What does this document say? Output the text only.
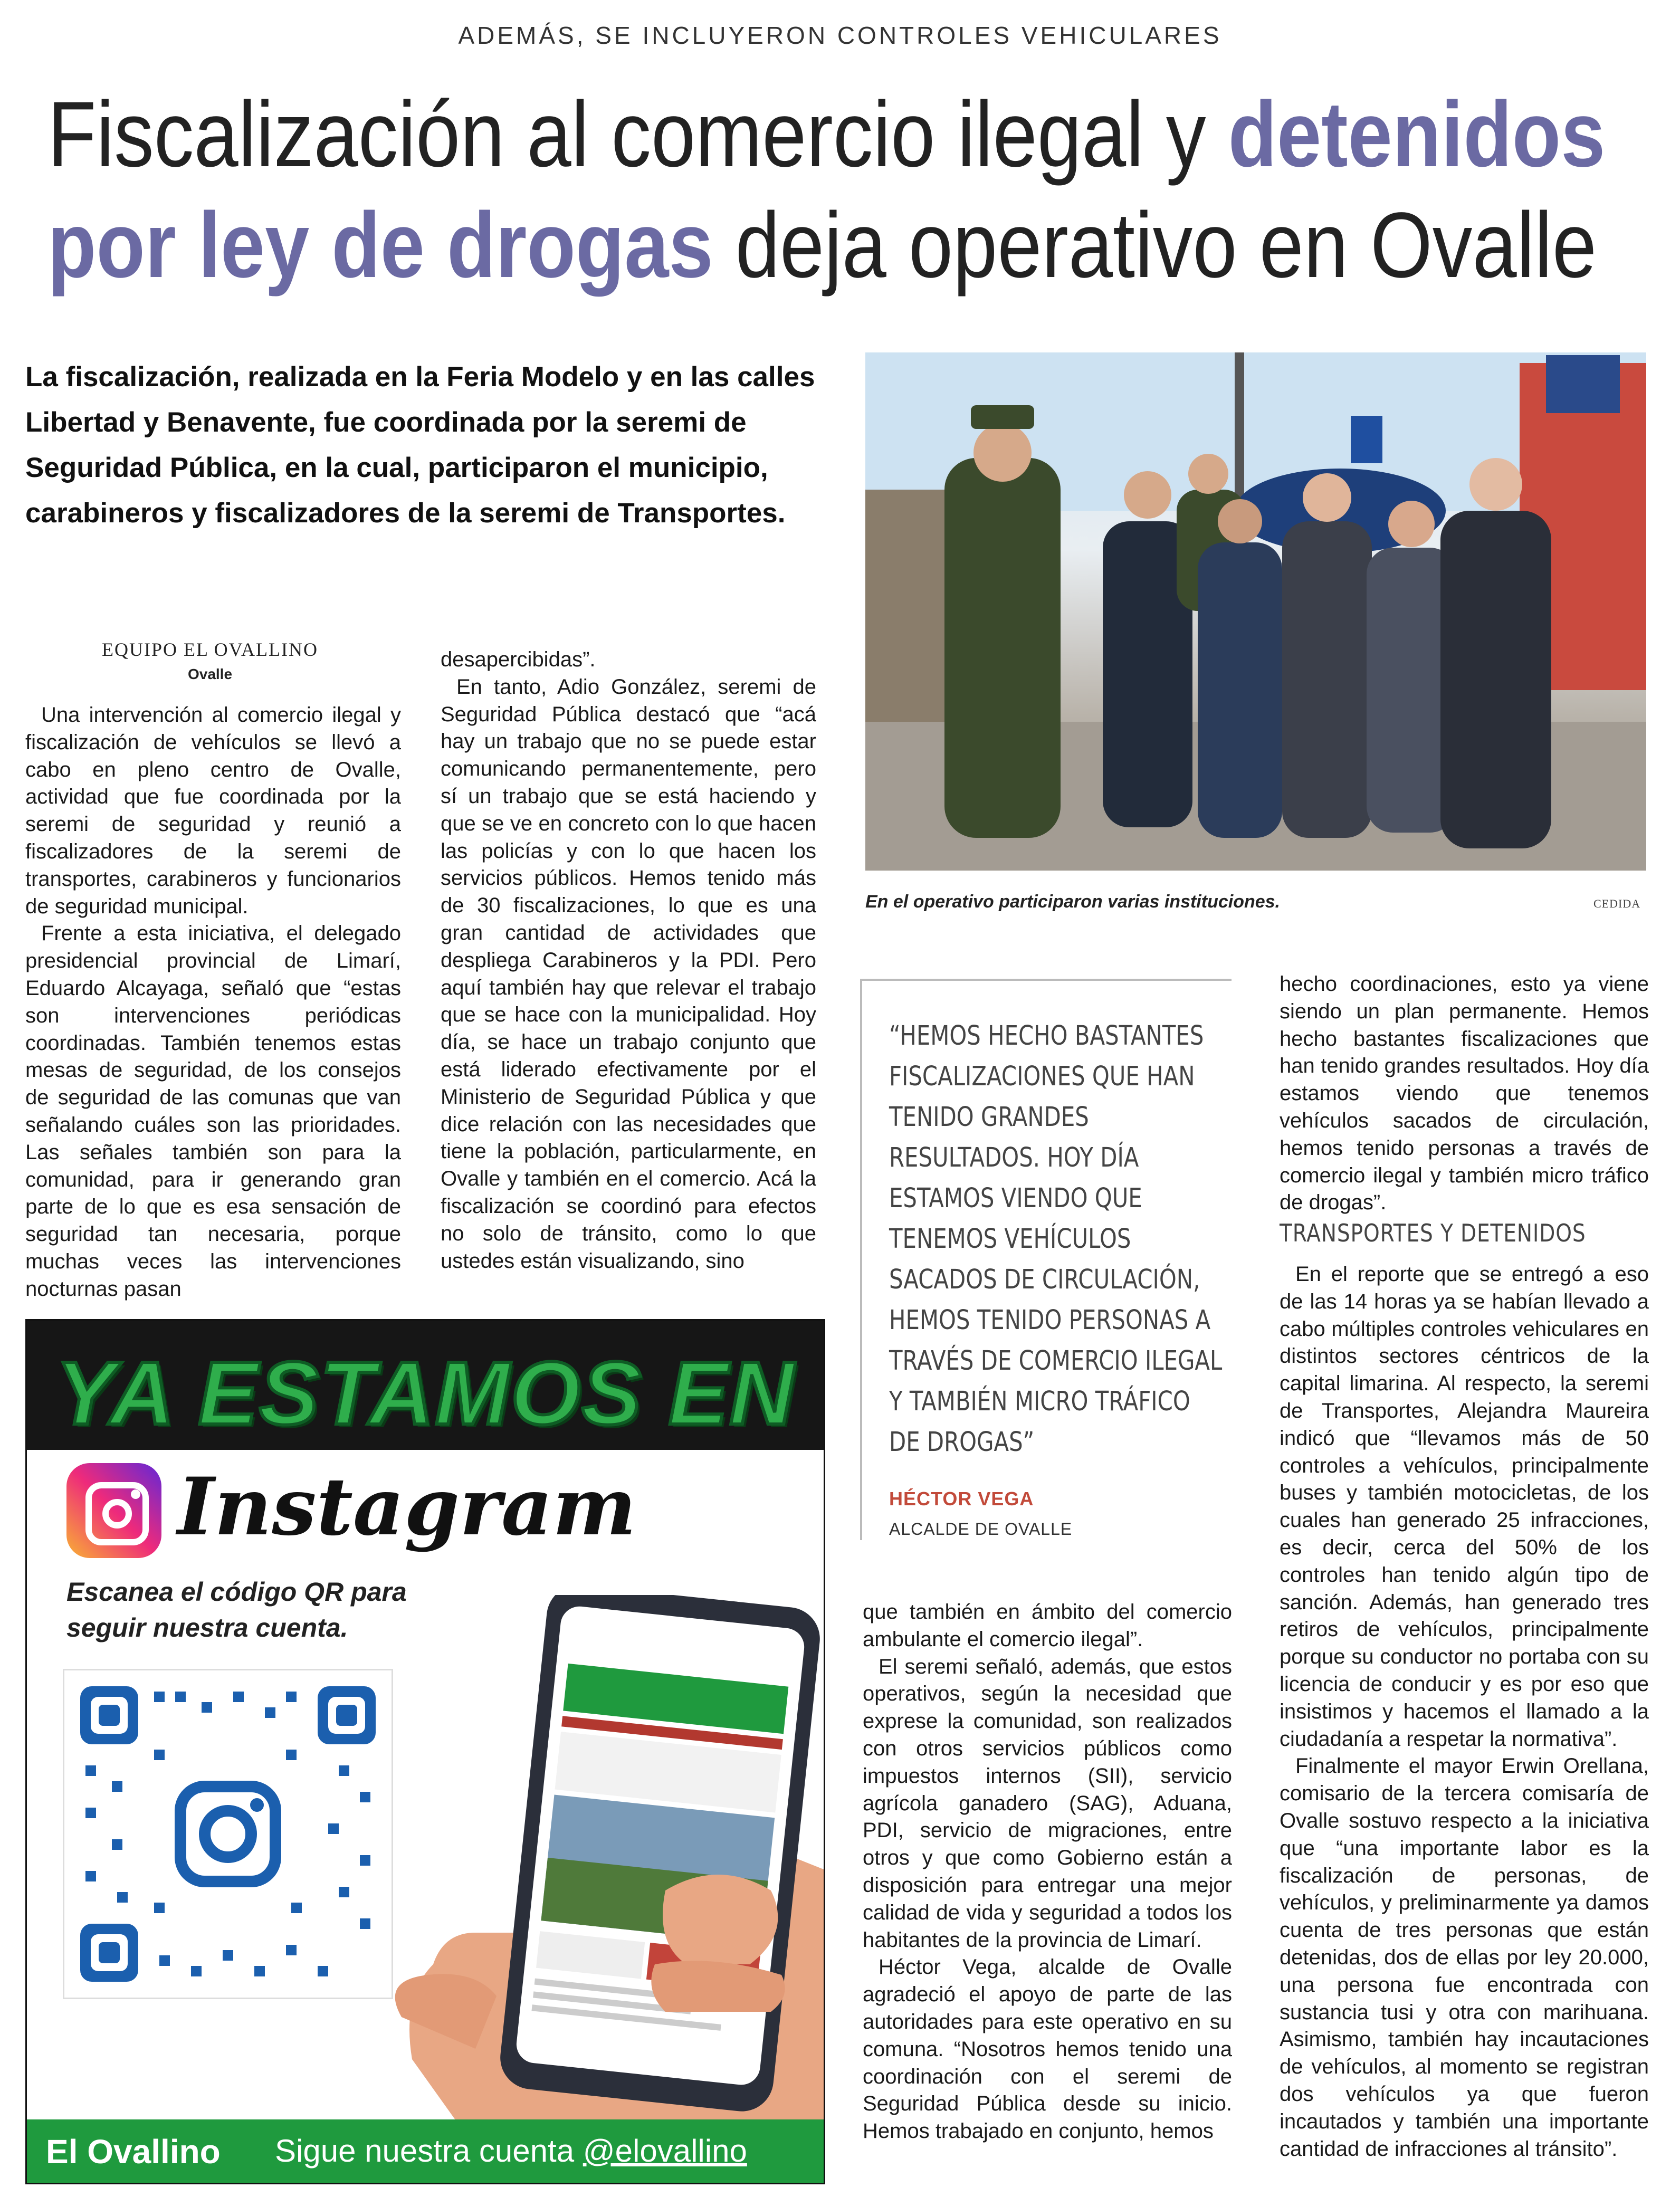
ADEMÁS, SE INCLUYERON CONTROLES VEHICULARES
Fiscalización al comercio ilegal y detenidos
por ley de drogas deja operativo en Ovalle

La fiscalización, realizada en la Feria Modelo y en las calles Libertad y Benavente, fue coordinada por la seremi de Seguridad Pública, en la cual, participaron el municipio, carabineros y fiscalizadores de la seremi de Transportes.

EQUIPO EL OVALLINO
Ovalle

Una intervención al comercio ilegal y fiscalización de vehículos se llevó a cabo en pleno centro de Ovalle, actividad que fue coordinada por la seremi de seguridad y reunió a fiscalizadores de la seremi de transportes, carabineros y funcionarios de seguridad municipal.

Frente a esta iniciativa, el delegado presidencial provincial de Limarí, Eduardo Alcayaga, señaló que “estas son intervenciones periódicas coordinadas. También tenemos estas mesas de seguridad, de los consejos de seguridad de las comunas que van señalando cuáles son las prioridades. Las señales también son para la comunidad, para ir generando gran parte de lo que es esa sensación de seguridad tan necesaria, porque muchas veces las intervenciones nocturnas pasan

desapercibidas”.

En tanto, Adio González, seremi de Seguridad Pública destacó que “acá hay un trabajo que no se puede estar comunicando permanentemente, pero sí un trabajo que se está haciendo y que se ve en concreto con lo que hacen las policías y con lo que hacen los servicios públicos. Hemos tenido más de 30 fiscalizaciones, lo que es una gran cantidad de actividades que despliega Carabineros y la PDI. Pero aquí también hay que relevar el trabajo que se hace con la municipalidad. Hoy día, se hace un trabajo conjunto que está liderado efectivamente por el Ministerio de Seguridad Pública y que dice relación con las necesidades que tiene la población, particularmente, en Ovalle y también en el comercio. Acá la fiscalización se coordinó para efectos no solo de tránsito, como lo que ustedes están visualizando, sino

En el operativo participaron varias instituciones.	CEDIDA
“HEMOS HECHO BASTANTES FISCALIZACIONES QUE HAN TENIDO GRANDES RESULTADOS. HOY DÍA ESTAMOS VIENDO QUE TENEMOS VEHÍCULOS SACADOS DE CIRCULACIÓN, HEMOS TENIDO PERSONAS A TRAVÉS DE COMERCIO ILEGAL Y TAMBIÉN MICRO TRÁFICO DE DROGAS”
HÉCTOR VEGA
ALCALDE DE OVALLE

que también en ámbito del comercio ambulante el comercio ilegal”.

El seremi señaló, además, que estos operativos, según la necesidad que exprese la comunidad, son realizados con otros servicios públicos como impuestos internos (SII), servicio agrícola ganadero (SAG), Aduana, PDI, servicio de migraciones, entre otros y que como Gobierno están a disposición para entregar una mejor calidad de vida y seguridad a todos los habitantes de la provincia de Limarí.

Héctor Vega, alcalde de Ovalle agradeció el apoyo de parte de las autoridades para este operativo en su comuna. “Nosotros hemos tenido una coordinación con el seremi de Seguridad Pública desde su inicio. Hemos trabajado en conjunto, hemos

hecho coordinaciones, esto ya viene siendo un plan permanente. Hemos hecho bastantes fiscalizaciones que han tenido grandes resultados. Hoy día estamos viendo que tenemos vehículos sacados de circulación, hemos tenido personas a través de comercio ilegal y también micro tráfico de drogas”.

TRANSPORTES Y DETENIDOS

En el reporte que se entregó a eso de las 14 horas ya se habían llevado a cabo múltiples controles vehiculares en distintos sectores céntricos de la capital limarina. Al respecto, la seremi de Transportes, Alejandra Maureira indicó que “llevamos más de 50 controles a vehículos, principalmente buses y también motocicletas, de los cuales han generado 25 infracciones, es decir, cerca del 50% de los controles han tenido algún tipo de sanción. Además, han generado tres retiros de vehículos, principalmente porque su conductor no portaba con su licencia de conducir y es por eso que insistimos y hacemos el llamado a la ciudadanía a respetar la normativa”.

Finalmente el mayor Erwin Orellana, comisario de la tercera comisaría de Ovalle sostuvo respecto a la iniciativa que “una importante labor es la fiscalización de personas, de vehículos, y preliminarmente ya damos cuenta de tres personas que están detenidas, dos de ellas por ley 20.000, una persona fue encontrada con sustancia tusi y otra con marihuana. Asimismo, también hay incautaciones de vehículos, al momento se registran dos vehículos ya que fueron incautados y también una importante cantidad de infracciones al tránsito”.

YA ESTAMOS EN
Instagram
Escanea el código QR para seguir nuestra cuenta.
El Ovallino Sigue nuestra cuenta @elovallino
